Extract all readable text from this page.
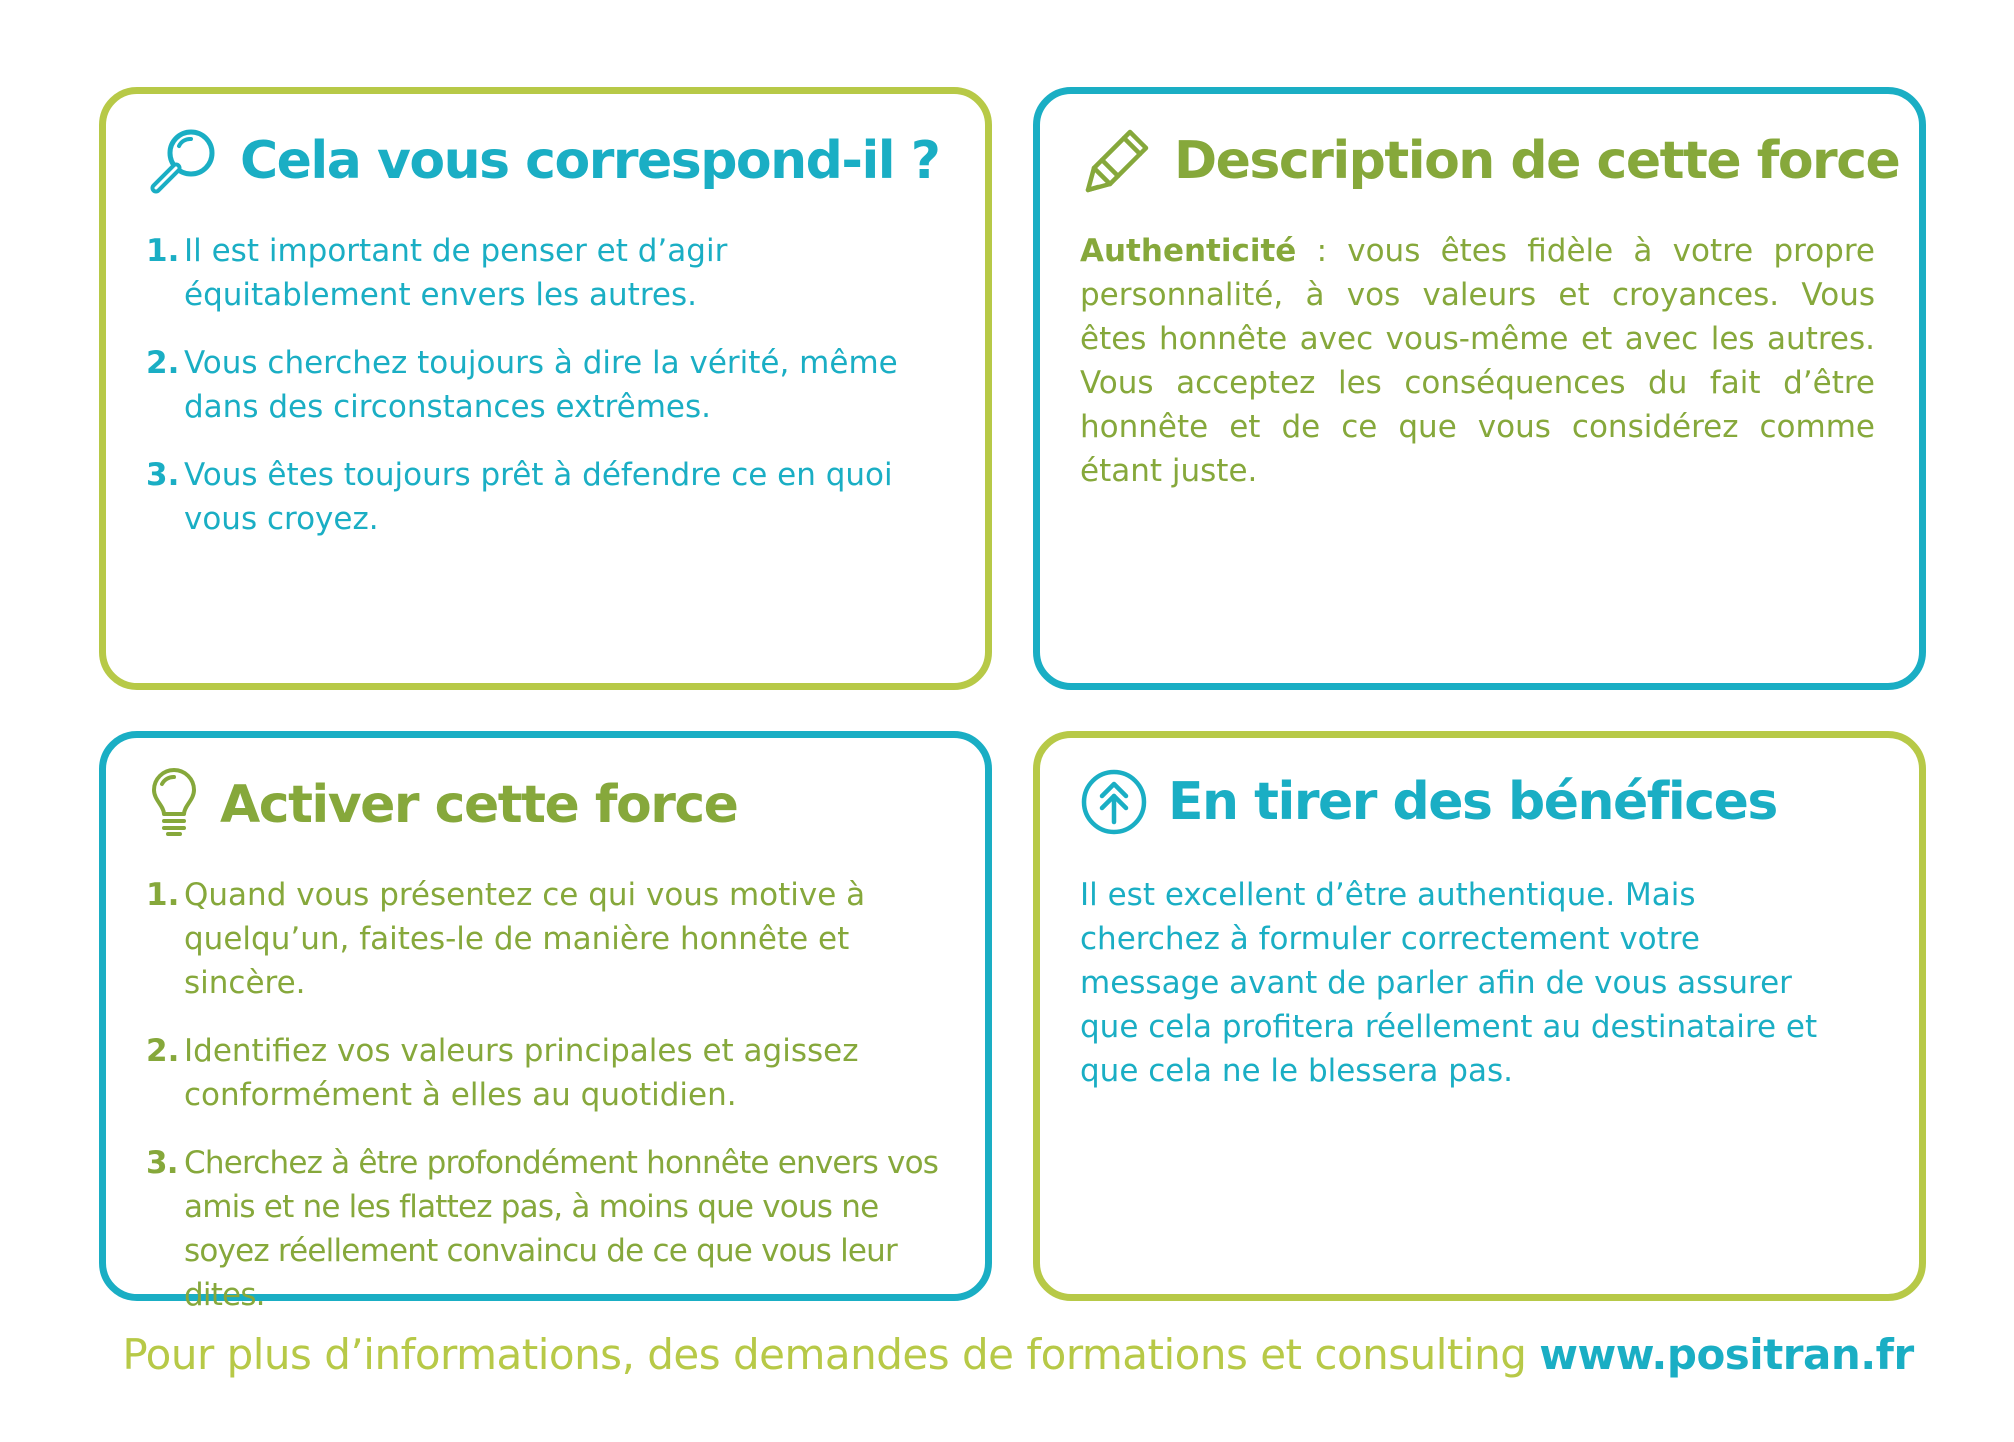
Cela vous correspond-il ?
1. Il est important de penser et d’agir équitablement envers les autres.
2. Vous cherchez toujours à dire la vérité, même dans des circonstances extrêmes.
3. Vous êtes toujours prêt à défendre ce en quoi vous croyez.
Description de cette force

Authenticité : vous êtes fidèle à votre propre personnalité, à vos valeurs et croyances. Vous êtes honnête avec vous-même et avec les autres. Vous acceptez les conséquences du fait d’être honnête et de ce que vous considérez comme étant juste.

Activer cette force
1. Quand vous présentez ce qui vous motive à quelqu’un, faites-le de manière honnête et sincère.
2. Identifiez vos valeurs principales et agissez conformément à elles au quotidien.
3. Cherchez à être profondément honnête envers vos amis et ne les flattez pas, à moins que vous ne soyez réellement convaincu de ce que vous leur dites.
En tirer des bénéfices

Il est excellent d’être authentique. Mais cherchez à formuler correctement votre message avant de parler afin de vous assurer que cela profitera réellement au destinataire et que cela ne le blessera pas.

Pour plus d’informations, des demandes de formations et consulting www.positran.fr
